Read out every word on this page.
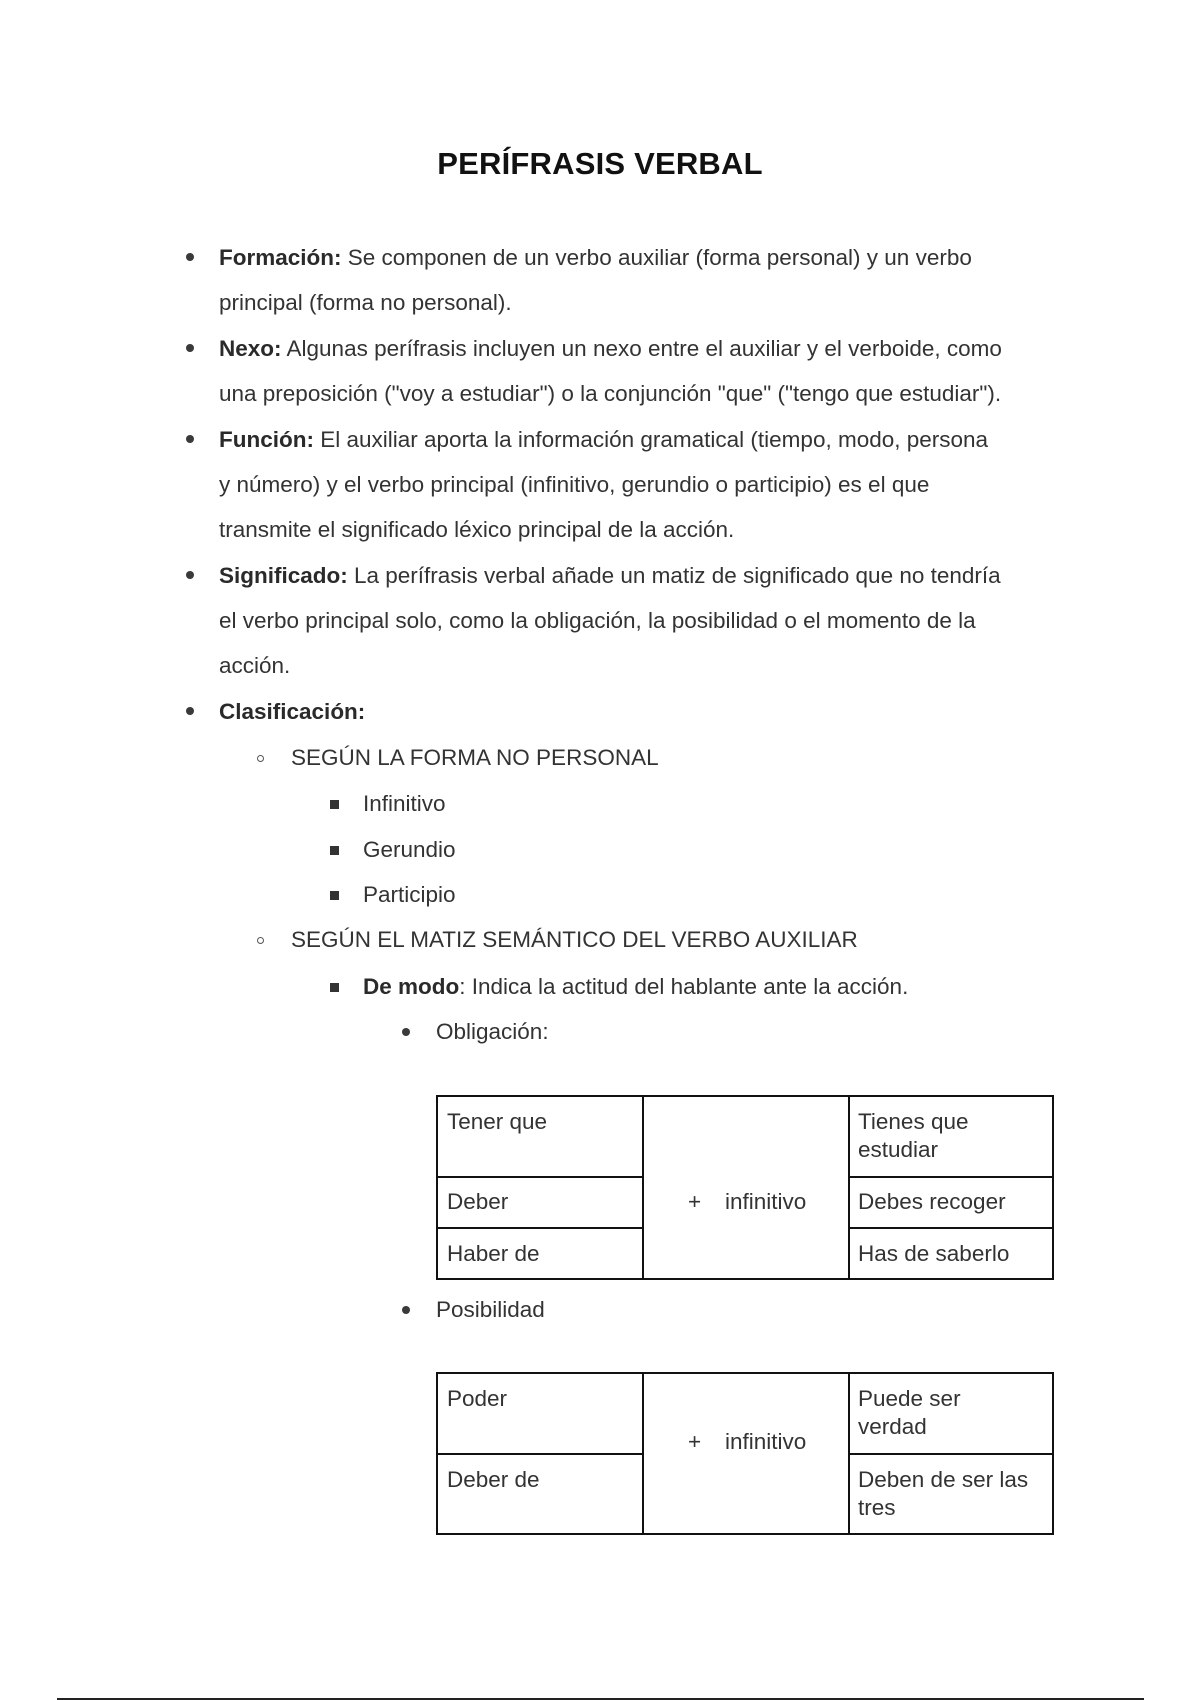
PERÍFRASIS VERBAL
Formación: Se componen de un verbo auxiliar (forma personal) y un verbo
principal (forma no personal).
Nexo: Algunas perífrasis incluyen un nexo entre el auxiliar y el verboide, como
una preposición ("voy a estudiar") o la conjunción "que" ("tengo que estudiar").
Función: El auxiliar aporta la información gramatical (tiempo, modo, persona
y número) y el verbo principal (infinitivo, gerundio o participio) es el que
transmite el significado léxico principal de la acción.
Significado: La perífrasis verbal añade un matiz de significado que no tendría
el verbo principal solo, como la obligación, la posibilidad o el momento de la
acción.
Clasificación:
SEGÚN LA FORMA NO PERSONAL
Infinitivo
Gerundio
Participio
SEGÚN EL MATIZ SEMÁNTICO DEL VERBO AUXILIAR
De modo: Indica la actitud del hablante ante la acción.
Obligación:
Tener que
Deber
Haber de
+ infinitivo
Tienes que
estudiar
Debes recoger
Has de saberlo
Posibilidad
Poder
Deber de
+ infinitivo
Puede ser
verdad
Deben de ser las
tres
